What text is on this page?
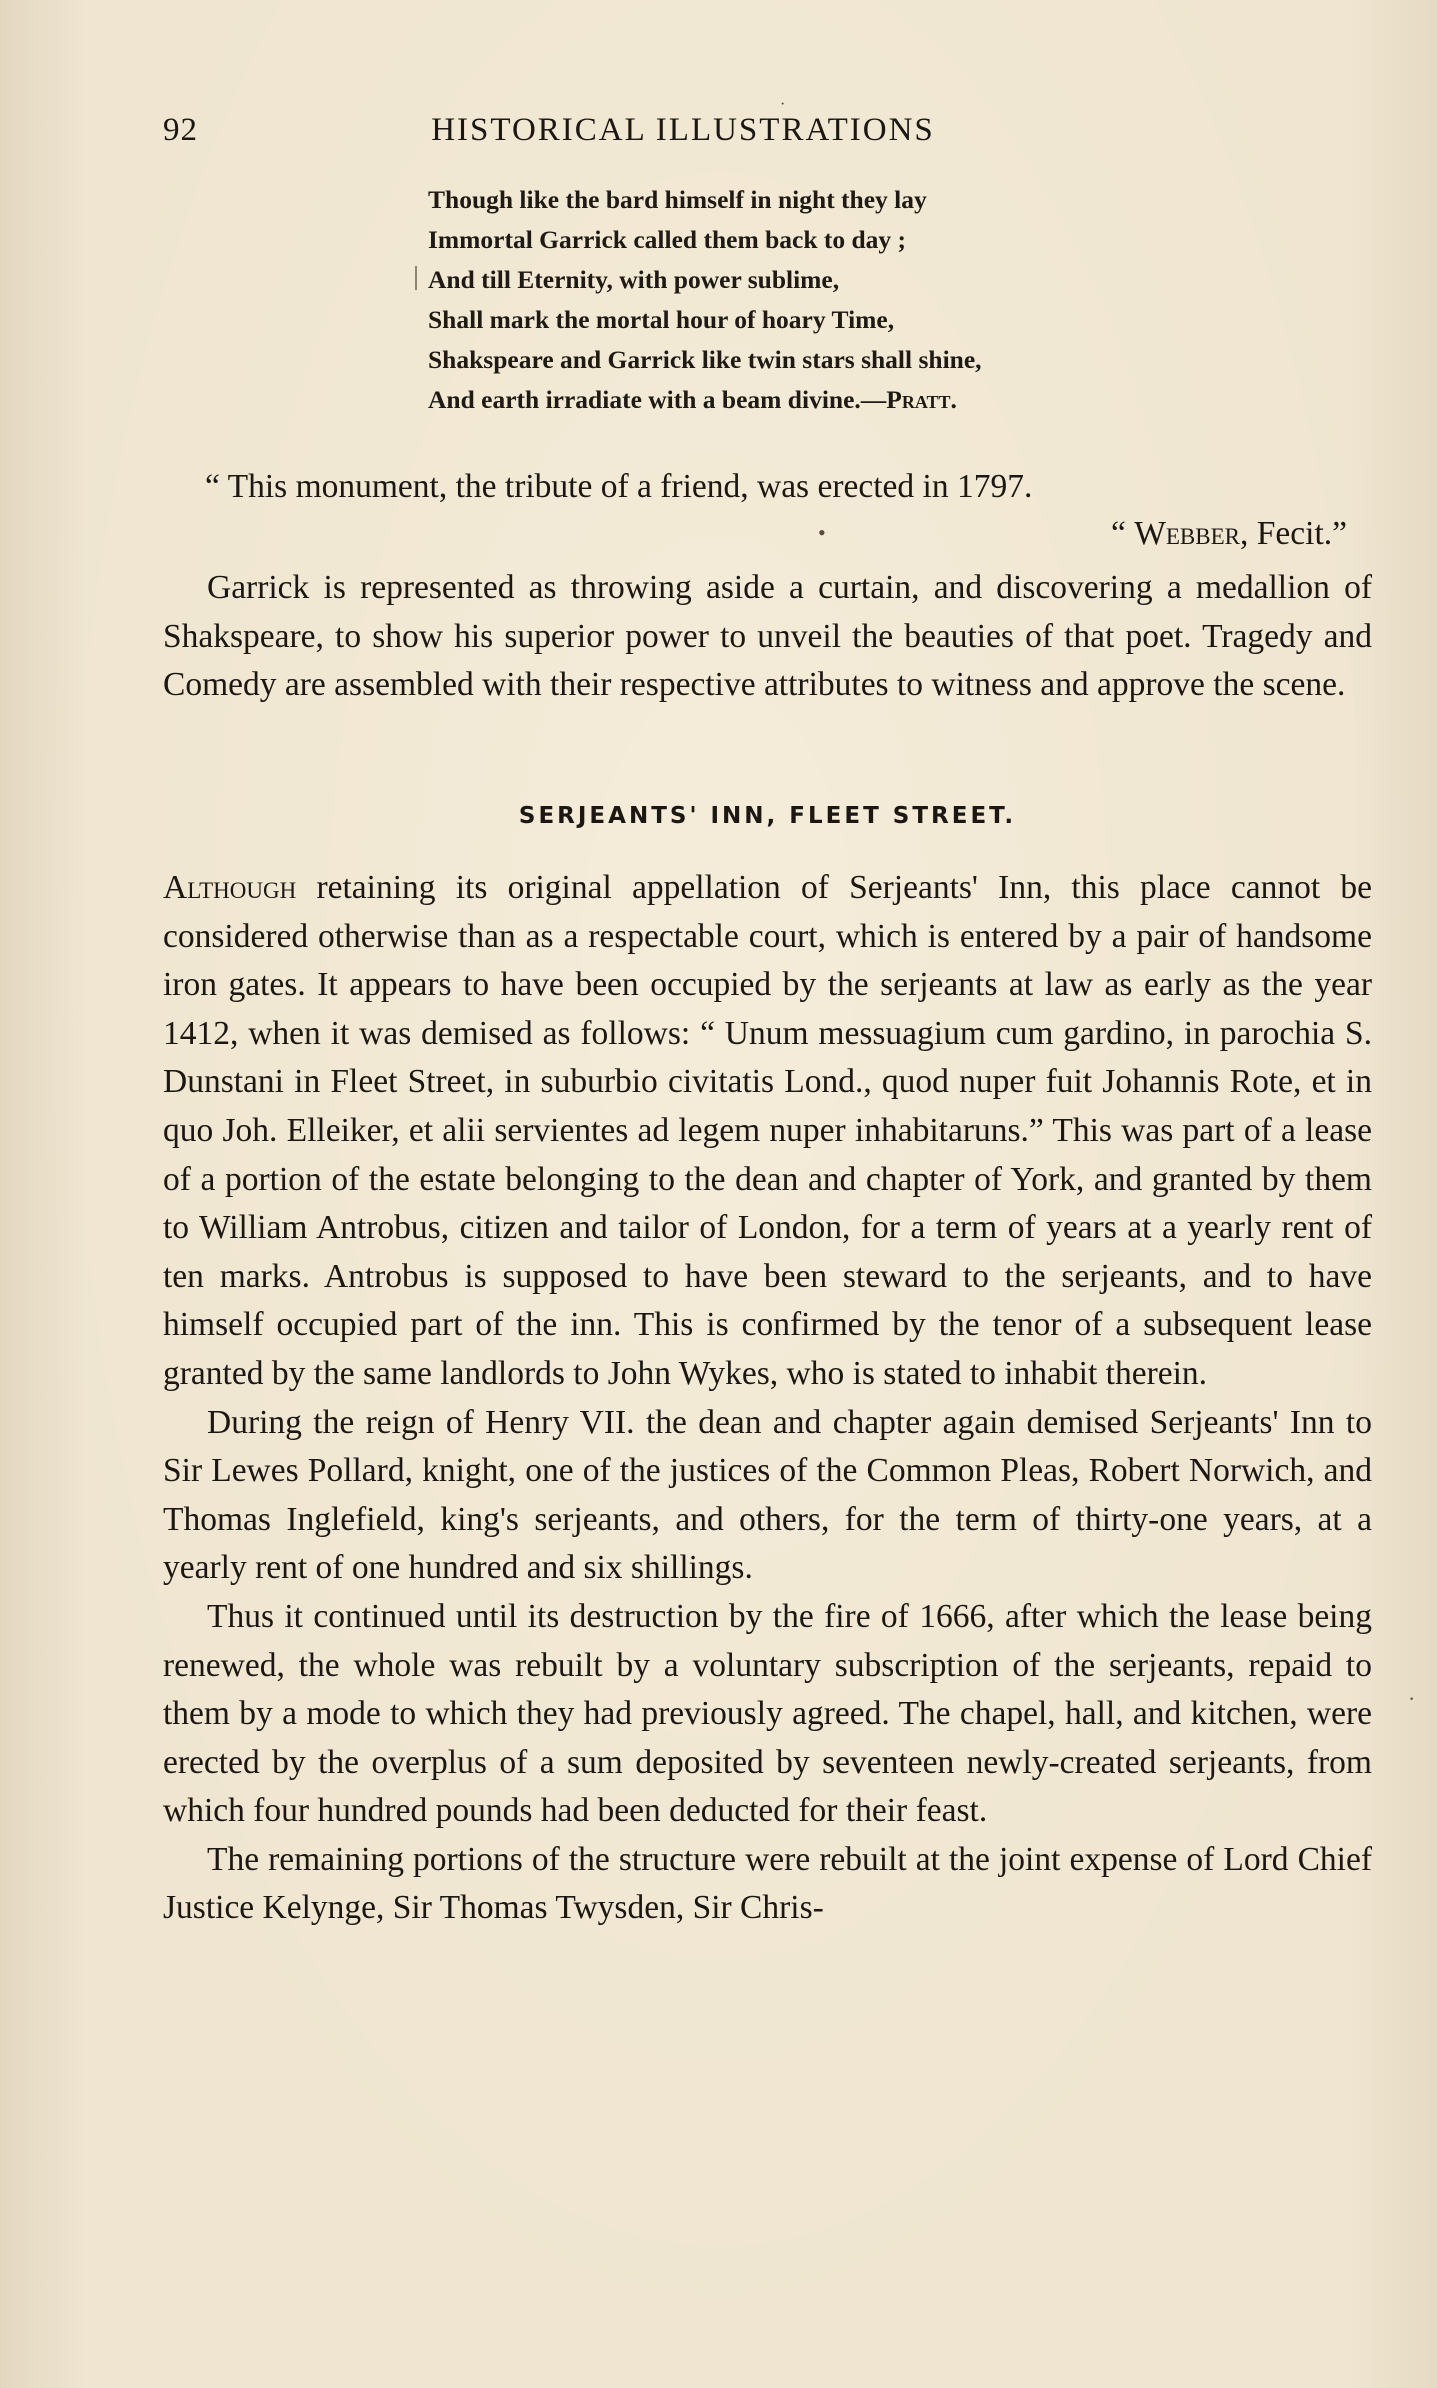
·
92	HISTORICAL ILLUSTRATIONS
Though like the bard himself in night they lay
Immortal Garrick called them back to day ;
And till Eternity, with power sublime,
Shall mark the mortal hour of hoary Time,
Shakspeare and Garrick like twin stars shall shine,
And earth irradiate with a beam divine.—Pratt.
“ This monument, the tribute of a friend, was erected in 1797.
•	“ Webber, Fecit.”

Garrick is represented as throwing aside a curtain, and discovering a medallion of Shakspeare, to show his superior power to unveil the beauties of that poet. Tragedy and Comedy are assembled with their respective attributes to witness and approve the scene.

SERJEANTS' INN, FLEET STREET.

Although retaining its original appellation of Serjeants' Inn, this place cannot be considered otherwise than as a respectable court, which is entered by a pair of handsome iron gates. It appears to have been occupied by the serjeants at law as early as the year 1412, when it was demised as follows: “ Unum messuagium cum gardino, in parochia S. Dunstani in Fleet Street, in suburbio civitatis Lond., quod nuper fuit Johannis Rote, et in quo Joh. Elleiker, et alii servientes ad legem nuper inhabitaruns.” This was part of a lease of a portion of the estate belonging to the dean and chapter of York, and granted by them to William Antrobus, citizen and tailor of London, for a term of years at a yearly rent of ten marks. Antrobus is supposed to have been steward to the serjeants, and to have himself occupied part of the inn. This is confirmed by the tenor of a subsequent lease granted by the same landlords to John Wykes, who is stated to inhabit therein.

During the reign of Henry VII. the dean and chapter again demised Serjeants' Inn to Sir Lewes Pollard, knight, one of the justices of the Common Pleas, Robert Norwich, and Thomas Inglefield, king's serjeants, and others, for the term of thirty-one years, at a yearly rent of one hundred and six shillings.

Thus it continued until its destruction by the fire of 1666, after which the lease being renewed, the whole was rebuilt by a voluntary subscription of the serjeants, repaid to them by a mode to which they had previously agreed. The chapel, hall, and kitchen, were erected by the overplus of a sum deposited by seventeen newly-created serjeants, from which four hundred pounds had been deducted for their feast.

The remaining portions of the structure were rebuilt at the joint expense of Lord Chief Justice Kelynge, Sir Thomas Twysden, Sir Chris-

·
